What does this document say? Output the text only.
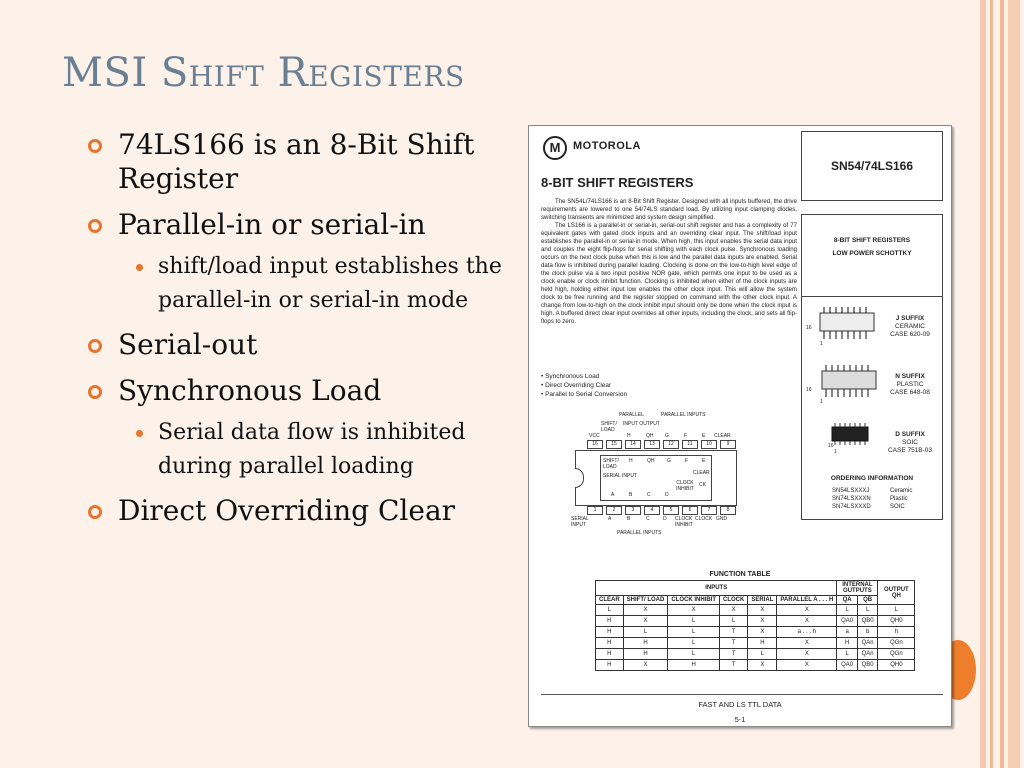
MSI Shift Registers
74LS166 is an 8-Bit Shift Register
Parallel-in or serial-in
shift/load input establishes the parallel-in or serial-in mode
Serial-out
Synchronous Load
Serial data flow is inhibited during parallel loading
Direct Overriding Clear
M	MOTOROLA
8-BIT SHIFT REGISTERS

The SN54L/74LS166 is an 8-Bit Shift Register. Designed with all inputs buffered, the drive requirements are lowered to one 54/74LS standard load. By utilizing input clamping diodes, switching transients are minimized and system design simplified.

The LS166 is a parallel-in or serial-in, serial-out shift register and has a complexity of 77 equivalent gates with gated clock inputs and an overriding clear input. The shift/load input establishes the parallel-in or serial-in mode. When high, this input enables the serial data input and couples the eight flip-flops for serial shifting with each clock pulse. Synchronous loading occurs on the next clock pulse when this is low and the parallel data inputs are enabled. Serial data flow is inhibited during parallel loading. Clocking is done on the low-to-high level edge of the clock pulse via a two input positive NOR gate, which permits one input to be used as a clock enable or clock inhibit function. Clocking is inhibited when either of the clock inputs are held high, holding either input low enables the other clock input. This will allow the system clock to be free running and the register stopped on command with the other clock input. A change from low-to-high on the clock inhibit input should only be done when the clock input is high. A buffered direct clear input overrides all other inputs, including the clock, and sets all flip-flops to zero.

• Synchronous Load
• Direct Overriding Clear
• Parallel to Serial Conversion
SN54/74LS166
8-BIT SHIFT REGISTERS
LOW POWER SCHOTTKY
16
1
16
1
16
1
J SUFFIX
CERAMIC
CASE 620-09
N SUFFIX
PLASTIC
CASE 648-08
D SUFFIX
SOIC
CASE 751B-03
ORDERING INFORMATION
SN54LSXXXJ	Ceramic
SN74LSXXXN	Plastic
SN74LSXXXD	SOIC
PARALLEL	PARALLEL INPUTS
SHIFT/ LOAD
INPUT OUTPUT
VCC	H	QH G	F	E CLEAR
16	15	14	13	12	11	10	9
SHIFT/ LOAD
H	QH	G	F	E
SERIAL INPUT	CLEAR
CLOCK INHIBIT
CK
A	B	C	D
1	2	3	4	5	6	7	8
SERIAL INPUT
A	B	C	D CLOCK INHIBIT
CLOCK GND
PARALLEL INPUTS
FUNCTION TABLE
INPUTS						INTERNAL OUTPUTS		OUTPUT QH
CLEAR	SHIFT/ LOAD	CLOCK INHIBIT	CLOCK	SERIAL	PARALLEL A . . . H	QA	QB	
L	X	X	X	X	X	L	L	L
H	X	L	L	X	X	QA0	QB0	QH0
H	L	L	T	X	a . . . h	a	b	h
H	H	L	T	H	X	H	QAn	QGn
H	H	L	T	L	X	L	QAn	QGn
H	X	H	T	X	X	QA0	QB0	QH0
FAST AND LS TTL DATA
5-1
